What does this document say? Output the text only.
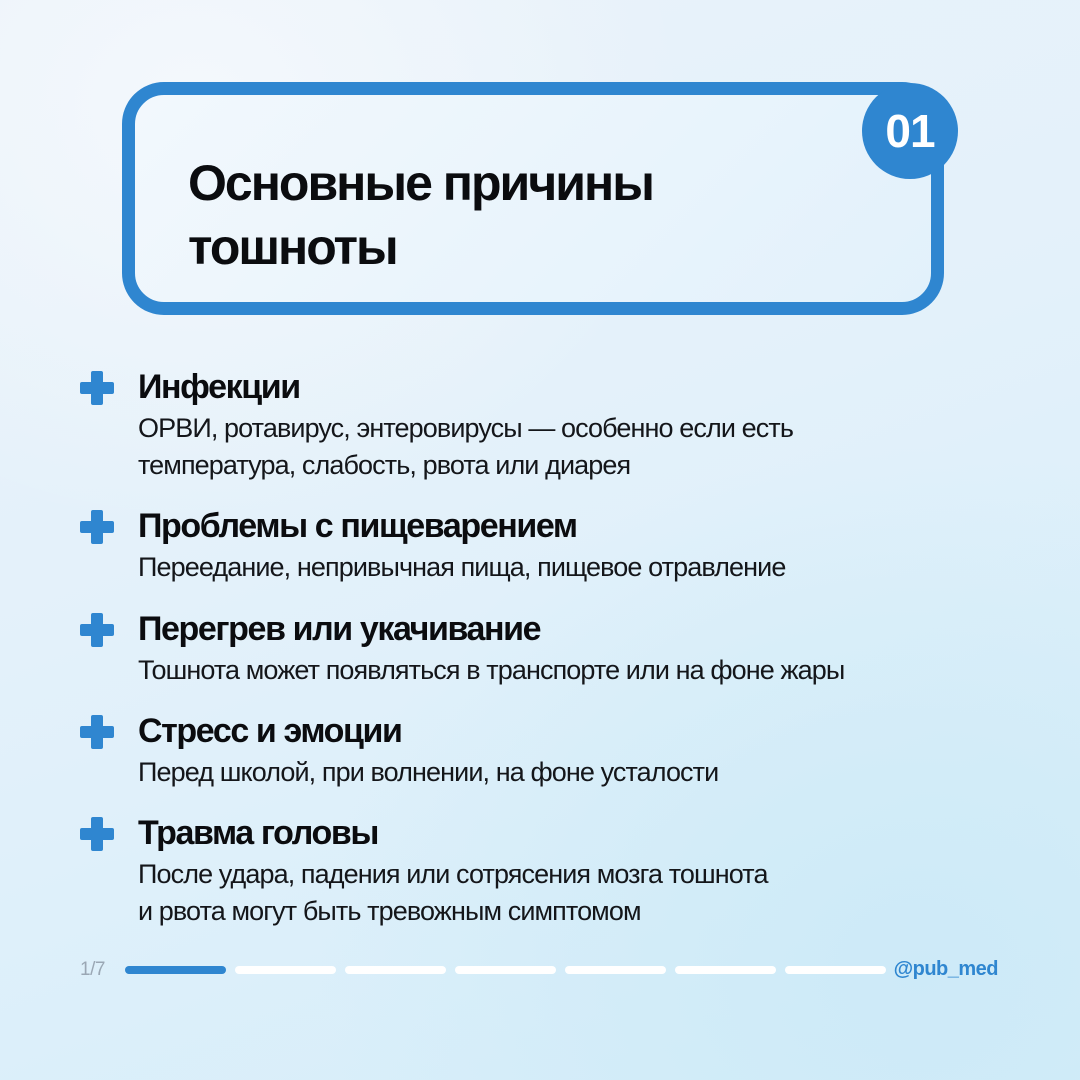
Основные причины тошноты
01
Инфекции

ОРВИ, ротавирус, энтеровирусы — особенно если есть
температура, слабость, рвота или диарея

Проблемы с пищеварением

Переедание, непривычная пища, пищевое отравление

Перегрев или укачивание

Тошнота может появляться в транспорте или на фоне жары

Стресс и эмоции

Перед школой, при волнении, на фоне усталости

Травма головы

После удара, падения или сотрясения мозга тошнота
и рвота могут быть тревожным симптомом

1/7	@pub_med
